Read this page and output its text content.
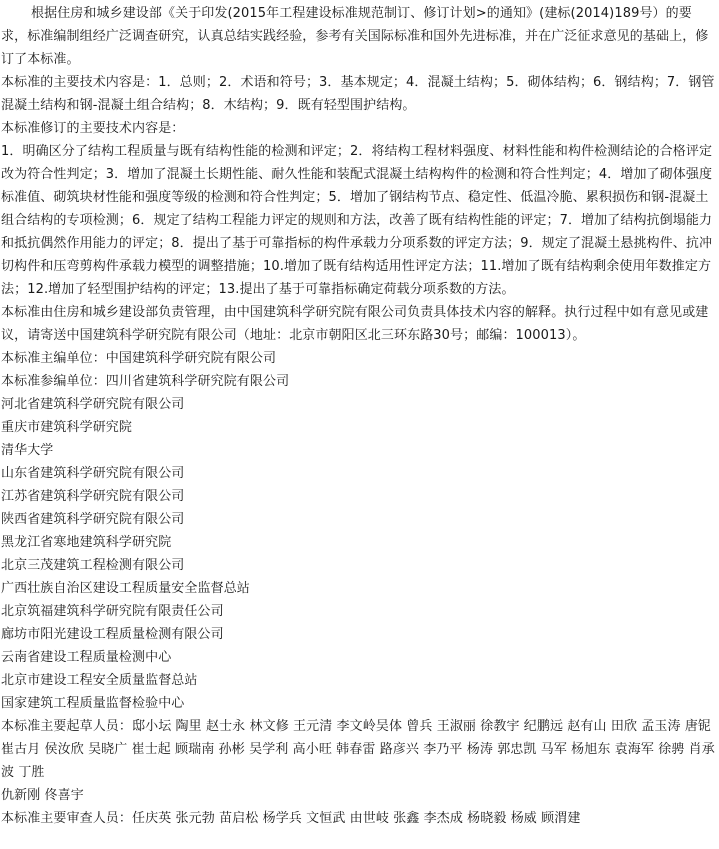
根据住房和城乡建设部《关于印发(2015年工程建设标准规范制订、修订计划>的通知》(建标(2014)189号）的要求，标准编制组经广泛调查研究，认真总结实践经验，参考有关国际标准和国外先进标准，并在广泛征求意见的基础上，修订了本标准。

本标准的主要技术内容是：1．总则；2．术语和符号；3．基本规定；4．混凝土结构；5．砌体结构；6．钢结构；7．钢管混凝土结构和钢-混凝土组合结构；8．木结构；9．既有轻型围护结构。

本标准修订的主要技术内容是：

1．明确区分了结构工程质量与既有结构性能的检测和评定；2．将结构工程材料强度、材料性能和构件检测结论的合格评定改为符合性判定；3．增加了混凝土长期性能、耐久性能和装配式混凝土结构构件的检测和符合性判定；4．增加了砌体强度标准值、砌筑块材性能和强度等级的检测和符合性判定；5．增加了钢结构节点、稳定性、低温冷脆、累积损伤和钢-混凝土组合结构的专项检测；6．规定了结构工程能力评定的规则和方法，改善了既有结构性能的评定；7．增加了结构抗倒塌能力和抵抗偶然作用能力的评定；8．提出了基于可靠指标的构件承载力分项系数的评定方法；9．规定了混凝土悬挑构件、抗冲切构件和压弯剪构件承载力模型的调整措施；10.增加了既有结构适用性评定方法；11.增加了既有结构剩余使用年数推定方法；12.增加了轻型围护结构的评定；13.提出了基于可靠指标确定荷载分项系数的方法。

本标准由住房和城乡建设部负责管理，由中国建筑科学研究院有限公司负责具体技术内容的解释。执行过程中如有意见或建议，请寄送中国建筑科学研究院有限公司（地址：北京市朝阳区北三环东路30号；邮编：100013）。

本标准主编单位：中国建筑科学研究院有限公司

本标准参编单位：四川省建筑科学研究院有限公司

河北省建筑科学研究院有限公司

重庆市建筑科学研究院

清华大学

山东省建筑科学研究院有限公司

江苏省建筑科学研究院有限公司

陕西省建筑科学研究院有限公司

黑龙江省寒地建筑科学研究院

北京三茂建筑工程检测有限公司

广西壮族自治区建设工程质量安全监督总站

北京筑福建筑科学研究院有限责任公司

廊坊市阳光建设工程质量检测有限公司

云南省建设工程质量检测中心

北京市建设工程安全质量监督总站

国家建筑工程质量监督检验中心

本标准主要起草人员：邸小坛 陶里 赵士永 林文修 王元清 李文岭吴体 曾兵 王淑丽 徐教宇 纪鹏远 赵有山 田欣 孟玉涛 唐铌 崔古月 侯汝欣 吴晓广 崔士起 顾瑞南 孙彬 吴学利 高小旺 韩春雷 路彦兴 李乃平 杨涛 郭忠凯 马军 杨旭东 袁海军 徐骋 肖承波 丁胜

仇新刚 佟喜宇

本标准主要审查人员：任庆英 张元勃 苗启松 杨学兵 文恒武 由世岐 张鑫 李杰成 杨晓毅 杨威 顾渭建
